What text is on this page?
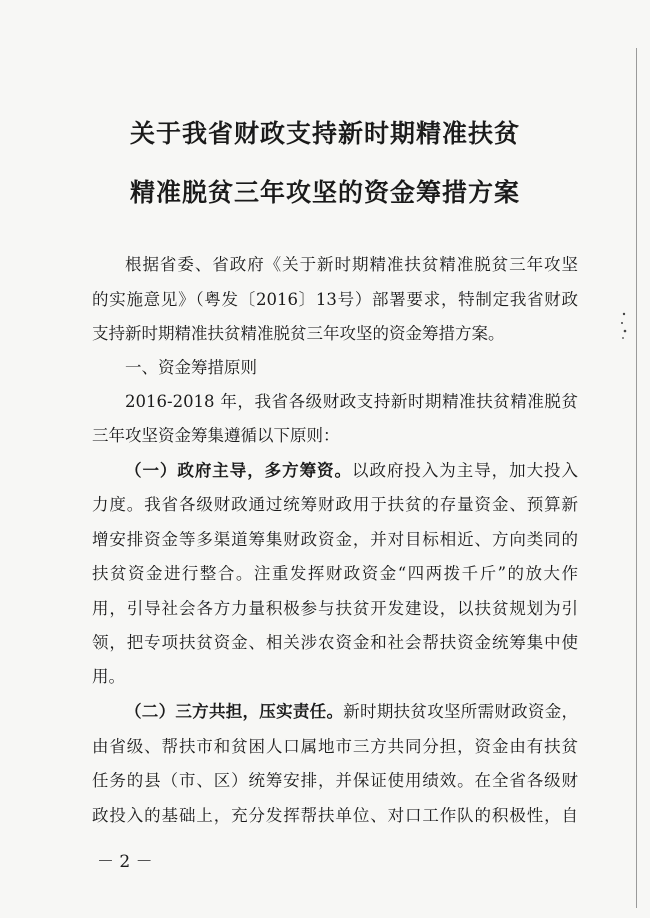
关于我省财政支持新时期精准扶贫
精准脱贫三年攻坚的资金筹措方案
根据省委、省政府《关于新时期精准扶贫精准脱贫三年攻坚
的实施意见》（粤发〔2016〕13号）部署要求，特制定我省财政
支持新时期精准扶贫精准脱贫三年攻坚的资金筹措方案。
一、资金筹措原则
2016-2018 年，我省各级财政支持新时期精准扶贫精准脱贫
三年攻坚资金筹集遵循以下原则：
（一）政府主导，多方筹资。以政府投入为主导，加大投入
力度。我省各级财政通过统筹财政用于扶贫的存量资金、预算新
增安排资金等多渠道筹集财政资金，并对目标相近、方向类同的
扶贫资金进行整合。注重发挥财政资金“四两拨千斤”的放大作
用，引导社会各方力量积极参与扶贫开发建设，以扶贫规划为引
领，把专项扶贫资金、相关涉农资金和社会帮扶资金统筹集中使
用。
（二）三方共担，压实责任。新时期扶贫攻坚所需财政资金，
由省级、帮扶市和贫困人口属地市三方共同分担，资金由有扶贫
任务的县（市、区）统筹安排，并保证使用绩效。在全省各级财
政投入的基础上，充分发挥帮扶单位、对口工作队的积极性，自
－ 2 －
